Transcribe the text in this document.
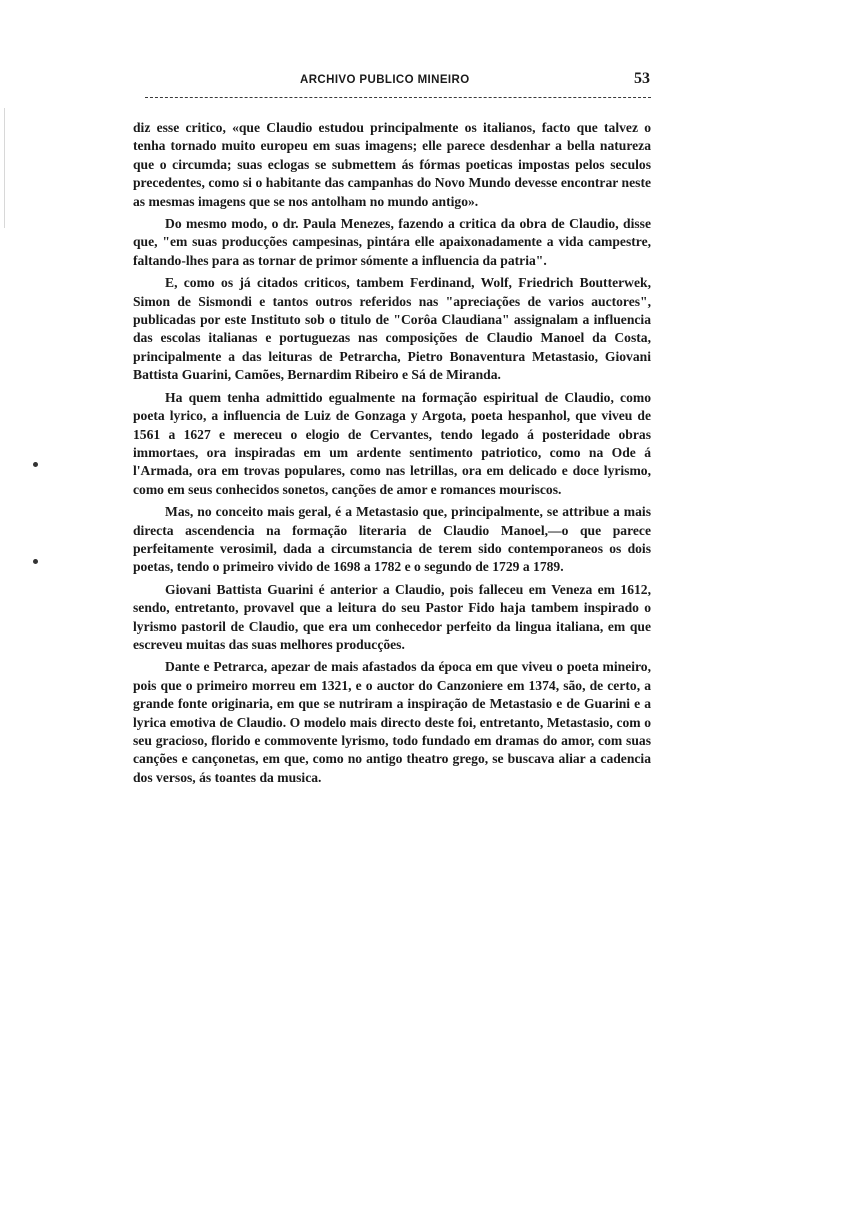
ARCHIVO PUBLICO MINEIRO	53

diz esse critico, «que Claudio estudou principalmente os italianos, facto que talvez o tenha tornado muito europeu em suas imagens; elle parece desdenhar a bella natureza que o circumda; suas eclogas se submettem ás fórmas poeticas impostas pelos seculos precedentes, como si o habitante das campanhas do Novo Mundo devesse encontrar neste as mesmas imagens que se nos antolham no mundo antigo».

Do mesmo modo, o dr. Paula Menezes, fazendo a critica da obra de Claudio, disse que, "em suas producções campesinas, pintára elle apaixonadamente a vida campestre, faltando-lhes para as tornar de primor sómente a influencia da patria".

E, como os já citados criticos, tambem Ferdinand, Wolf, Friedrich Boutterwek, Simon de Sismondi e tantos outros referidos nas "apreciações de varios auctores", publicadas por este Instituto sob o titulo de "Corôa Claudiana" assignalam a influencia das escolas italianas e portuguezas nas composições de Claudio Manoel da Costa, principalmente a das leituras de Petrarcha, Pietro Bonaventura Metastasio, Giovani Battista Guarini, Camões, Bernardim Ribeiro e Sá de Miranda.

Ha quem tenha admittido egualmente na formação espiritual de Claudio, como poeta lyrico, a influencia de Luiz de Gonzaga y Argota, poeta hespanhol, que viveu de 1561 a 1627 e mereceu o elogio de Cervantes, tendo legado á posteridade obras immortaes, ora inspiradas em um ardente sentimento patriotico, como na Ode á l'Armada, ora em trovas populares, como nas letrillas, ora em delicado e doce lyrismo, como em seus conhecidos sonetos, canções de amor e romances mouriscos.

Mas, no conceito mais geral, é a Metastasio que, principalmente, se attribue a mais directa ascendencia na formação literaria de Claudio Manoel,—o que parece perfeitamente verosimil, dada a circumstancia de terem sido contemporaneos os dois poetas, tendo o primeiro vivido de 1698 a 1782 e o segundo de 1729 a 1789.

Giovani Battista Guarini é anterior a Claudio, pois falleceu em Veneza em 1612, sendo, entretanto, provavel que a leitura do seu Pastor Fido haja tambem inspirado o lyrismo pastoril de Claudio, que era um conhecedor perfeito da lingua italiana, em que escreveu muitas das suas melhores producções.

Dante e Petrarca, apezar de mais afastados da época em que viveu o poeta mineiro, pois que o primeiro morreu em 1321, e o auctor do Canzoniere em 1374, são, de certo, a grande fonte originaria, em que se nutriram a inspiração de Metastasio e de Guarini e a lyrica emotiva de Claudio. O modelo mais directo deste foi, entretanto, Metastasio, com o seu gracioso, florido e commovente lyrismo, todo fundado em dramas do amor, com suas canções e cançonetas, em que, como no antigo theatro grego, se buscava aliar a cadencia dos versos, ás toantes da musica.
